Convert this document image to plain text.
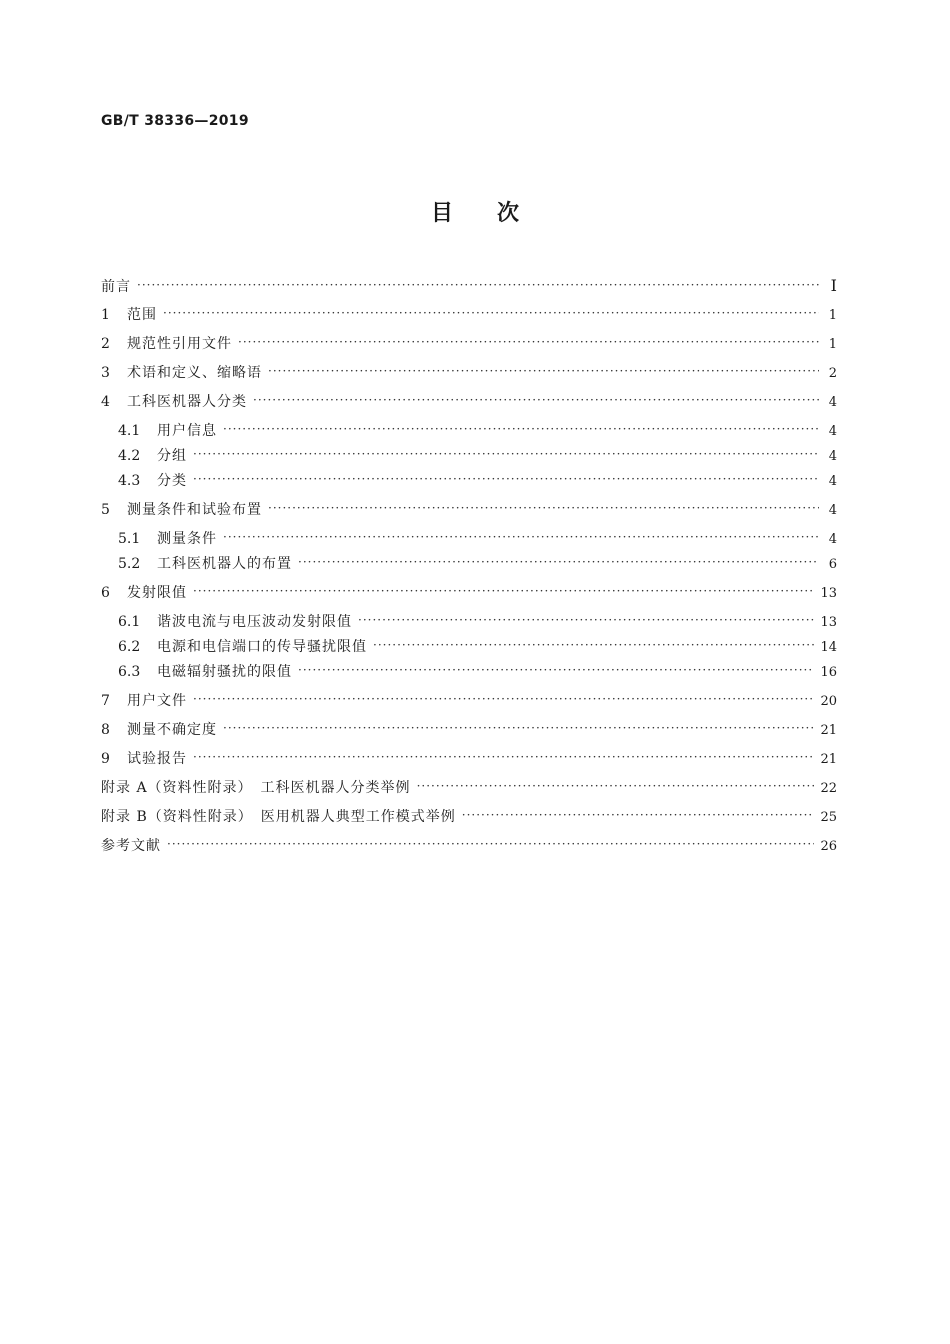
GB/T 38336—2019
目次
前言 ·····	Ⅰ
1	范围 ·····	1
2	规范性引用文件 ·····	1
3	术语和定义、缩略语 ·····	2
4	工科医机器人分类 ·····	4
4.1	用户信息 ·····	4
4.2	分组 ·····	4
4.3	分类 ·····	4
5	测量条件和试验布置 ·····	4
5.1	测量条件 ·····	4
5.2	工科医机器人的布置 ·····	6
6	发射限值 ·····	13
6.1	谐波电流与电压波动发射限值 ·····	13
6.2	电源和电信端口的传导骚扰限值 ·····	14
6.3	电磁辐射骚扰的限值 ·····	16
7	用户文件 ·····	20
8	测量不确定度 ·····	21
9	试验报告 ·····	21
附录 A（资料性附录）　工科医机器人分类举例 ·····	22
附录 B（资料性附录）　医用机器人典型工作模式举例 ·····	25
参考文献 ·····	26
